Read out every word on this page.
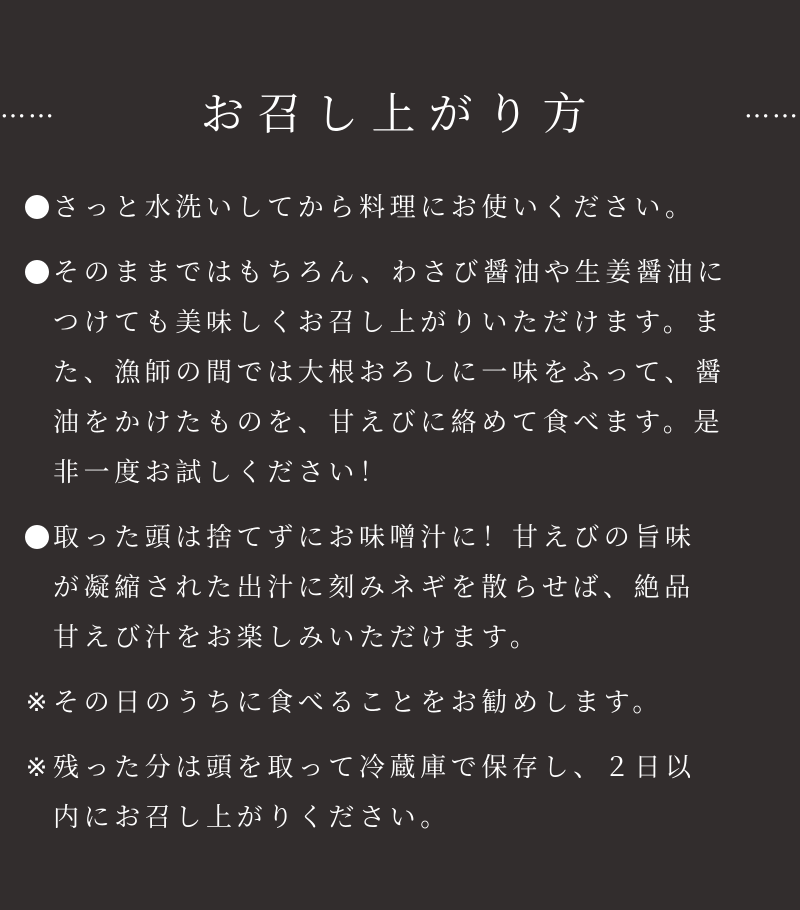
……	お召し上がり方	……
さっと水洗いしてから料理にお使いください。
そのままではもちろん、わさび醤油や生姜醤油に
つけても美味しくお召し上がりいただけます。ま
た、漁師の間では大根おろしに一味をふって、醤
油をかけたものを、甘えびに絡めて食べます。是
非一度お試しください！
取った頭は捨てずにお味噌汁に！甘えびの旨味
が凝縮された出汁に刻みネギを散らせば、絶品
甘えび汁をお楽しみいただけます。
※ その日のうちに食べることをお勧めします。
※ 残った分は頭を取って冷蔵庫で保存し、２日以
内にお召し上がりください。
